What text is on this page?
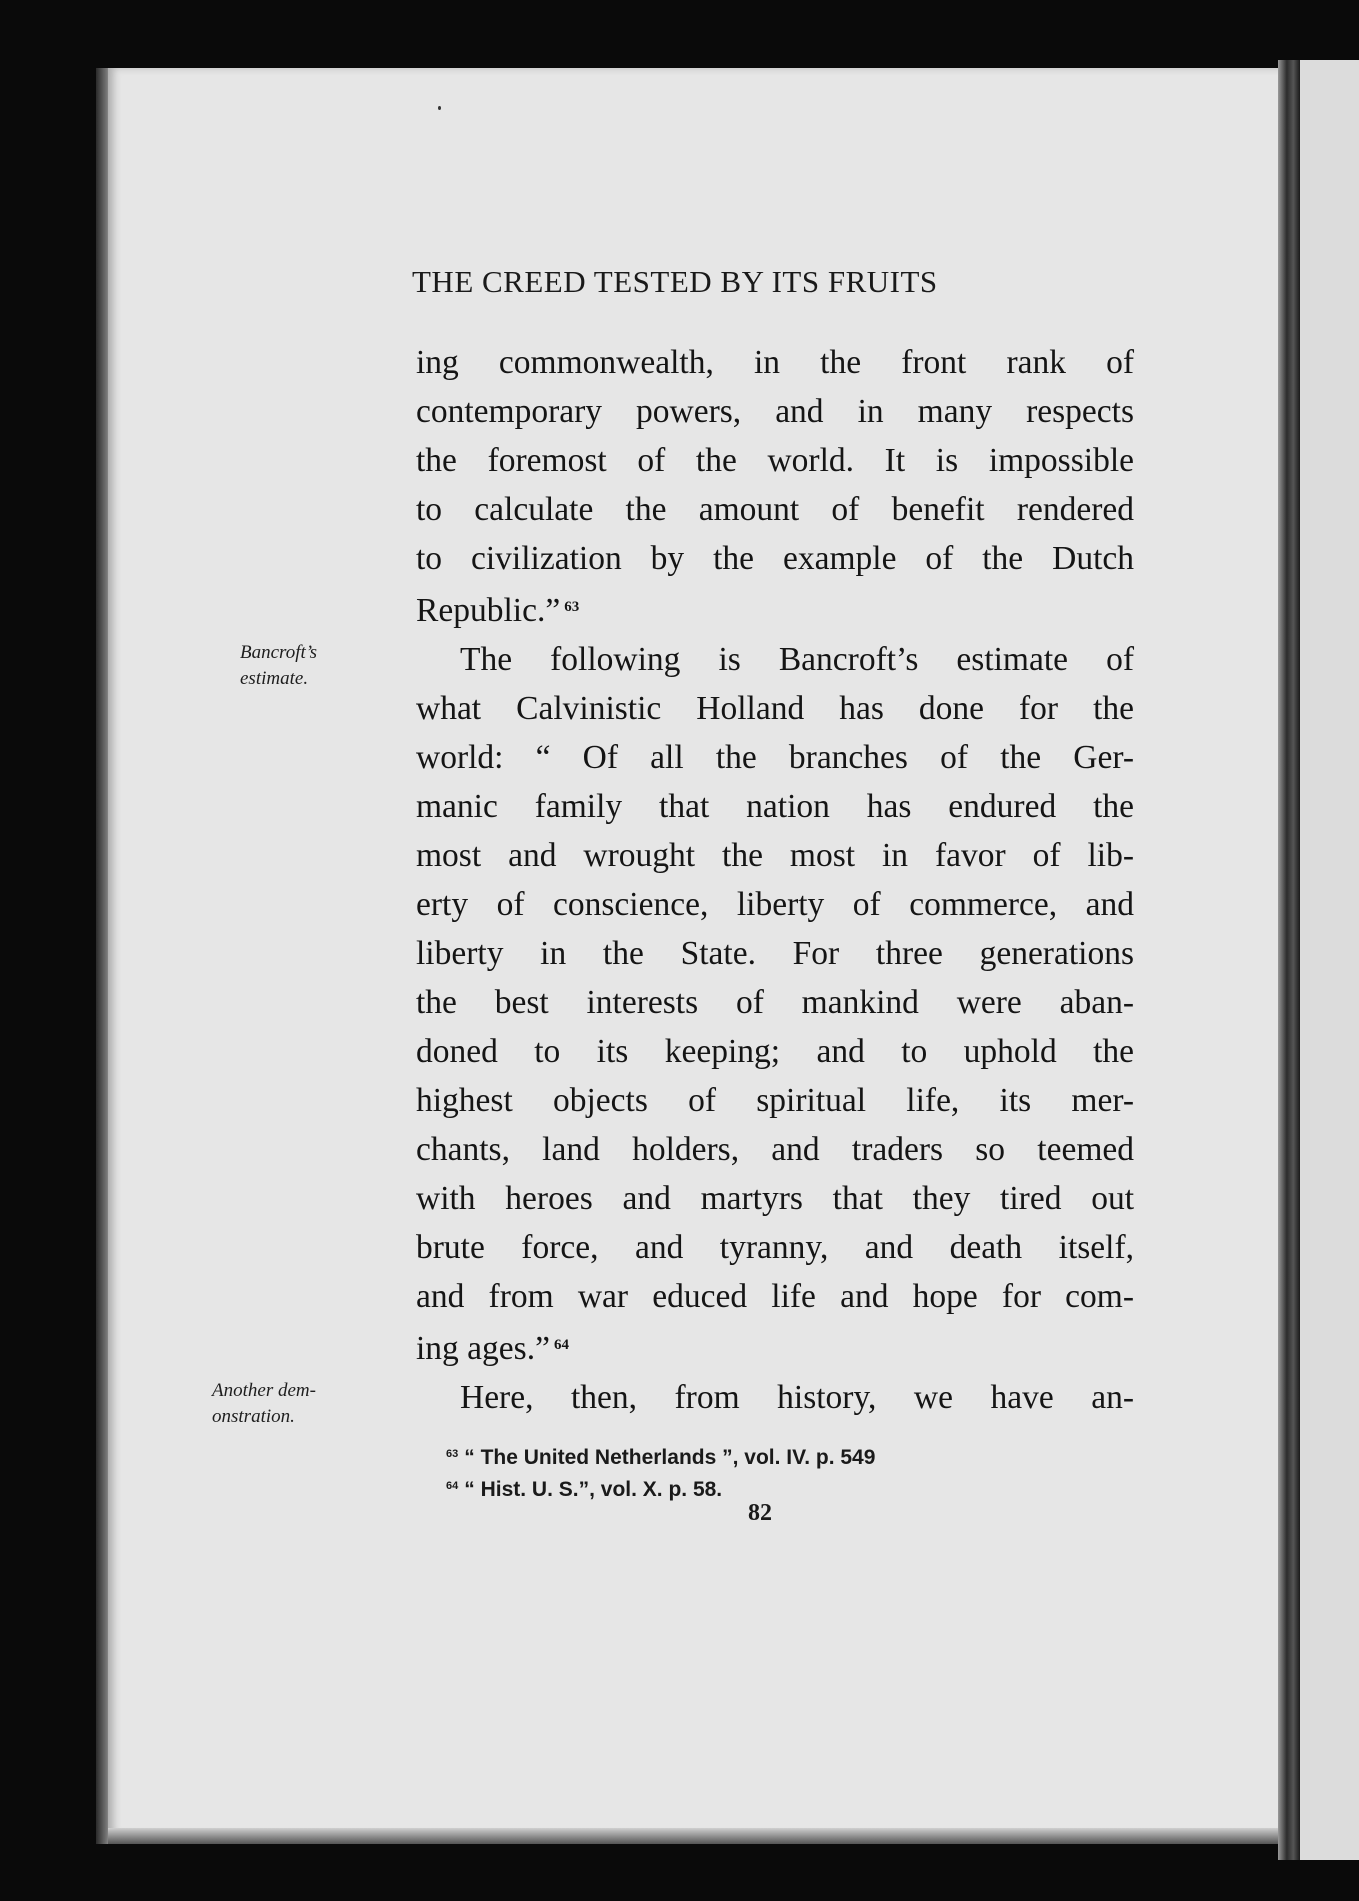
THE CREED TESTED BY ITS FRUITS
ing commonwealth, in the front rank of
contemporary powers, and in many respects
the foremost of the world. It is impossible
to calculate the amount of benefit rendered
to civilization by the example of the Dutch
Republic.” $^{63}$
The following is Bancroft’s estimate of
what Calvinistic Holland has done for the
world: “ Of all the branches of the Ger-
manic family that nation has endured the
most and wrought the most in favor of lib-
erty of conscience, liberty of commerce, and
liberty in the State. For three generations
the best interests of mankind were aban-
doned to its keeping; and to uphold the
highest objects of spiritual life, its mer-
chants, land holders, and traders so teemed
with heroes and martyrs that they tired out
brute force, and tyranny, and death itself,
and from war educed life and hope for com-
ing ages.” $^{64}$
Here, then, from history, we have an-
Bancroft’s
estimate.
Another dem-
onstration.
$^{63}$ “ The United Netherlands ”, vol. IV. p. 549
$^{64}$ “ Hist. U. S.”, vol. X. p. 58.
82
